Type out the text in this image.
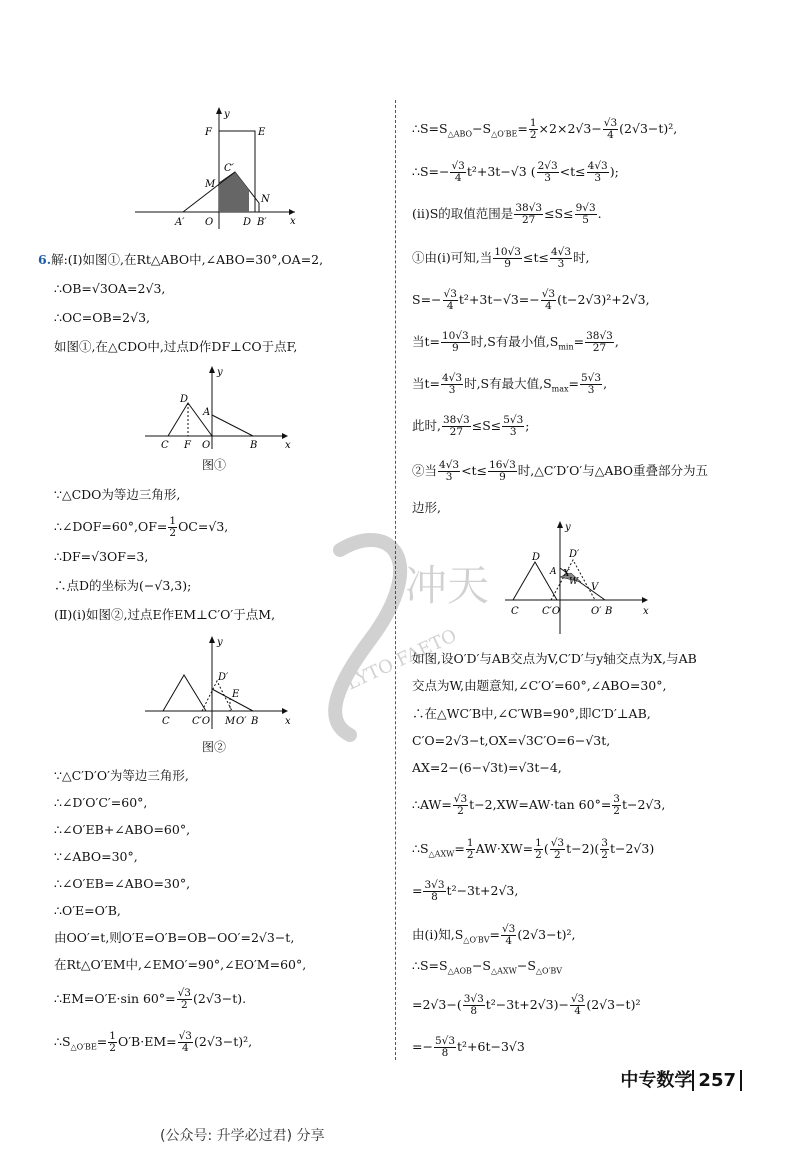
y
F	E
C′
M
N
A′ O	D B′ x
6.解:(Ⅰ)如图①,在Rt△ABO中,∠ABO=30°,OA=2,
∴OB=√3OA=2√3,
∴OC=OB=2√3,
如图①,在△CDO中,过点D作DF⊥CO于点F,
y
D
A
C F O	B	x
图①
∵△CDO为等边三角形,
∴∠DOF=60°,OF= $\frac{1}{2} OC=√3$,
∴DF=√3OF=3,
∴点D的坐标为(−√3,3);
(Ⅱ)(ⅰ)如图②,过点E作EM⊥C′O′于点M,
y
D′
E
C C′O M O′ B	x
图②
∵△C′D′O′为等边三角形,
∴∠D′O′C′=60°,
∴∠O′EB+∠ABO=60°,
∵∠ABO=30°,
∴∠O′EB=∠ABO=30°,
∴O′E=O′B,
由OO′=t,则O′E=O′B=OB−OO′=2√3−t,
在Rt△O′EM中,∠EMO′=90°,∠EO′M=60°,
∴EM=O′E·sin $60^\circ= \frac{√3}{2} (2√3-t)$.
$\therefore S_{\triangle O'BE}= \frac{1}{2} O'B\cdot EM= \frac{√3}{4} (2√3-t)^2$,
$\therefore S=S_{\triangle ABO}-S_{\triangle O'BE}= \frac{1}{2} \times 2\times 2√3- \frac{√3}{4} (2√3-t)^2$,
∴S=− $\frac{√3}{4} t^2+3t-√3$ ( $\frac{2√3}{3} <t\le \frac{4√3}{3}$ );
(ⅱ)S的取值范围是 $\frac{38√3}{27} \le S\le \frac{9√3}{5}$ .
①由(ⅰ)可知,当 $\frac{10√3}{9} \le t\le \frac{4√3}{3}$ 时,
$S=- \frac{√3}{4} t^2+3t-√3=- \frac{√3}{4} (t-2√3)^2+2√3$,
当$t= \frac{10√3}{9}$ 时,S有最小值$,S_{min}= \frac{38√3}{27}$ ,
当$t= \frac{4√3}{3}$ 时,S有最大值$,S_{max}= \frac{5√3}{3}$ ,
此时, $\frac{38√3}{27} \le S\le \frac{5√3}{3}$ ;
②当 $\frac{4√3}{3} <t\le \frac{16√3}{9}$ 时,△C′D′O′与△ABO重叠部分为五
边形,
y
D	D′
A X
W V
C C′O	O′ B	x
如图,设O′D′与AB交点为V,C′D′与y轴交点为X,与AB
交点为W,由题意知,∠C′O′=60°,∠ABO=30°,
∴在△WC′B中,∠C′WB=90°,即C′D′⊥AB,
C′O=2√3−t,OX=√3C′O=6−√3t,
AX=2−(6−√3t)=√3t−4,
∴AW= $\frac{√3}{2} t-2,XW=AW\cdot\tan$ $60^\circ= \frac{3}{2} t-2√3$,
$\therefore S_{\triangle AXW}= \frac{1}{2} AW\cdot XW= \frac{1}{2}$ ( $\frac{√3}{2} t-2)( \frac{3}{2} t-2√3)$
= $\frac{3√3}{8} t^2-3t+2√3$,
由(ⅰ)知$,S_{\triangle O'BV}= \frac{√3}{4} (2√3-t)^2$,
$\therefore S=S_{\triangle AOB}-S_{\triangle AXW}-S_{\triangle O'BV}$
$=2√3-( \frac{3√3}{8} t^2-3t+2√3)- \frac{√3}{4} (2√3-t)^2$
=− $\frac{5√3}{8} t^2+6t-3√3$
冲天
LYTO FAETO
中专数学 257
(公众号: 升学必过君) 分享
